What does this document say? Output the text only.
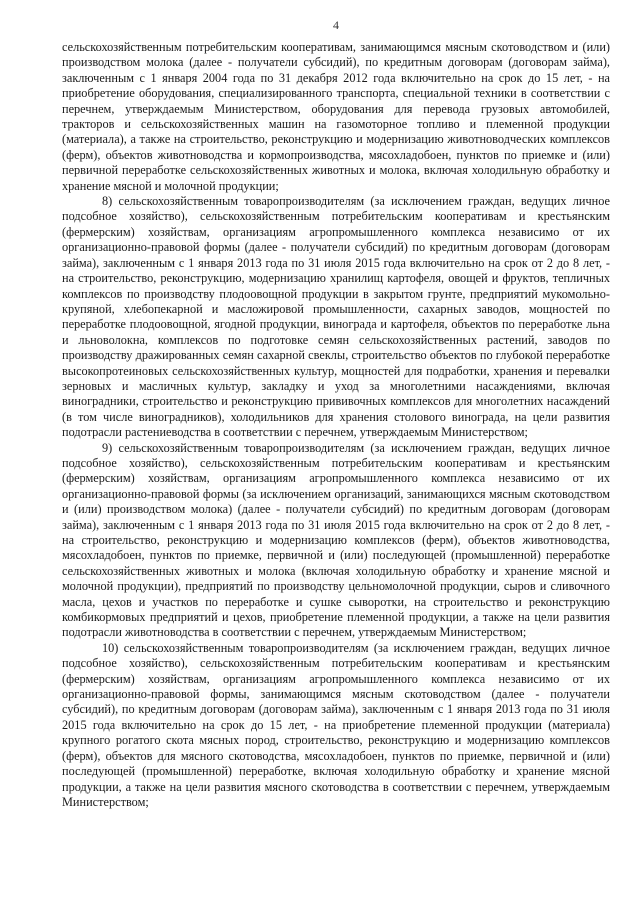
4

сельскохозяйственным потребительским кооперативам, занимающимся мясным скотоводством и (или) производством молока (далее - получатели субсидий), по кредитным договорам (договорам займа), заключенным с 1 января 2004 года по 31 декабря 2012 года включительно на срок до 15 лет, - на приобретение оборудования, специализированного транспорта, специальной техники в соответствии с перечнем, утверждаемым Министерством, оборудования для перевода грузовых автомобилей, тракторов и сельскохозяйственных машин на газомоторное топливо и племенной продукции (материала), а также на строительство, реконструкцию и модернизацию животноводческих комплексов (ферм), объектов животноводства и кормопроизводства, мясохладобоен, пунктов по приемке и (или) первичной переработке сельскохозяйственных животных и молока, включая холодильную обработку и хранение мясной и молочной продукции;

8) сельскохозяйственным товаропроизводителям (за исключением граждан, ведущих личное подсобное хозяйство), сельскохозяйственным потребительским кооперативам и крестьянским (фермерским) хозяйствам, организациям агропромышленного комплекса независимо от их организационно-правовой формы (далее - получатели субсидий) по кредитным договорам (договорам займа), заключенным с 1 января 2013 года по 31 июля 2015 года включительно на срок от 2 до 8 лет, - на строительство, реконструкцию, модернизацию хранилищ картофеля, овощей и фруктов, тепличных комплексов по производству плодоовощной продукции в закрытом грунте, предприятий мукомольно-крупяной, хлебопекарной и масложировой промышленности, сахарных заводов, мощностей по переработке плодоовощной, ягодной продукции, винограда и картофеля, объектов по переработке льна и льноволокна, комплексов по подготовке семян сельскохозяйственных растений, заводов по производству дражированных семян сахарной свеклы, строительство объектов по глубокой переработке высокопротеиновых сельскохозяйственных культур, мощностей для подработки, хранения и перевалки зерновых и масличных культур, закладку и уход за многолетними насаждениями, включая виноградники, строительство и реконструкцию прививочных комплексов для многолетних насаждений (в том числе виноградников), холодильников для хранения столового винограда, на цели развития подотрасли растениеводства в соответствии с перечнем, утверждаемым Министерством;

9) сельскохозяйственным товаропроизводителям (за исключением граждан, ведущих личное подсобное хозяйство), сельскохозяйственным потребительским кооперативам и крестьянским (фермерским) хозяйствам, организациям агропромышленного комплекса независимо от их организационно-правовой формы (за исключением организаций, занимающихся мясным скотоводством и (или) производством молока) (далее - получатели субсидий) по кредитным договорам (договорам займа), заключенным с 1 января 2013 года по 31 июля 2015 года включительно на срок от 2 до 8 лет, - на строительство, реконструкцию и модернизацию комплексов (ферм), объектов животноводства, мясохладобоен, пунктов по приемке, первичной и (или) последующей (промышленной) переработке сельскохозяйственных животных и молока (включая холодильную обработку и хранение мясной и молочной продукции), предприятий по производству цельномолочной продукции, сыров и сливочного масла, цехов и участков по переработке и сушке сыворотки, на строительство и реконструкцию комбикормовых предприятий и цехов, приобретение племенной продукции, а также на цели развития подотрасли животноводства в соответствии с перечнем, утверждаемым Министерством;

10) сельскохозяйственным товаропроизводителям (за исключением граждан, ведущих личное подсобное хозяйство), сельскохозяйственным потребительским кооперативам и крестьянским (фермерским) хозяйствам, организациям агропромышленного комплекса независимо от их организационно-правовой формы, занимающимся мясным скотоводством (далее - получатели субсидий), по кредитным договорам (договорам займа), заключенным с 1 января 2013 года по 31 июля 2015 года включительно на срок до 15 лет, - на приобретение племенной продукции (материала) крупного рогатого скота мясных пород, строительство, реконструкцию и модернизацию комплексов (ферм), объектов для мясного скотоводства, мясохладобоен, пунктов по приемке, первичной и (или) последующей (промышленной) переработке, включая холодильную обработку и хранение мясной продукции, а также на цели развития мясного скотоводства в соответствии с перечнем, утверждаемым Министерством;
